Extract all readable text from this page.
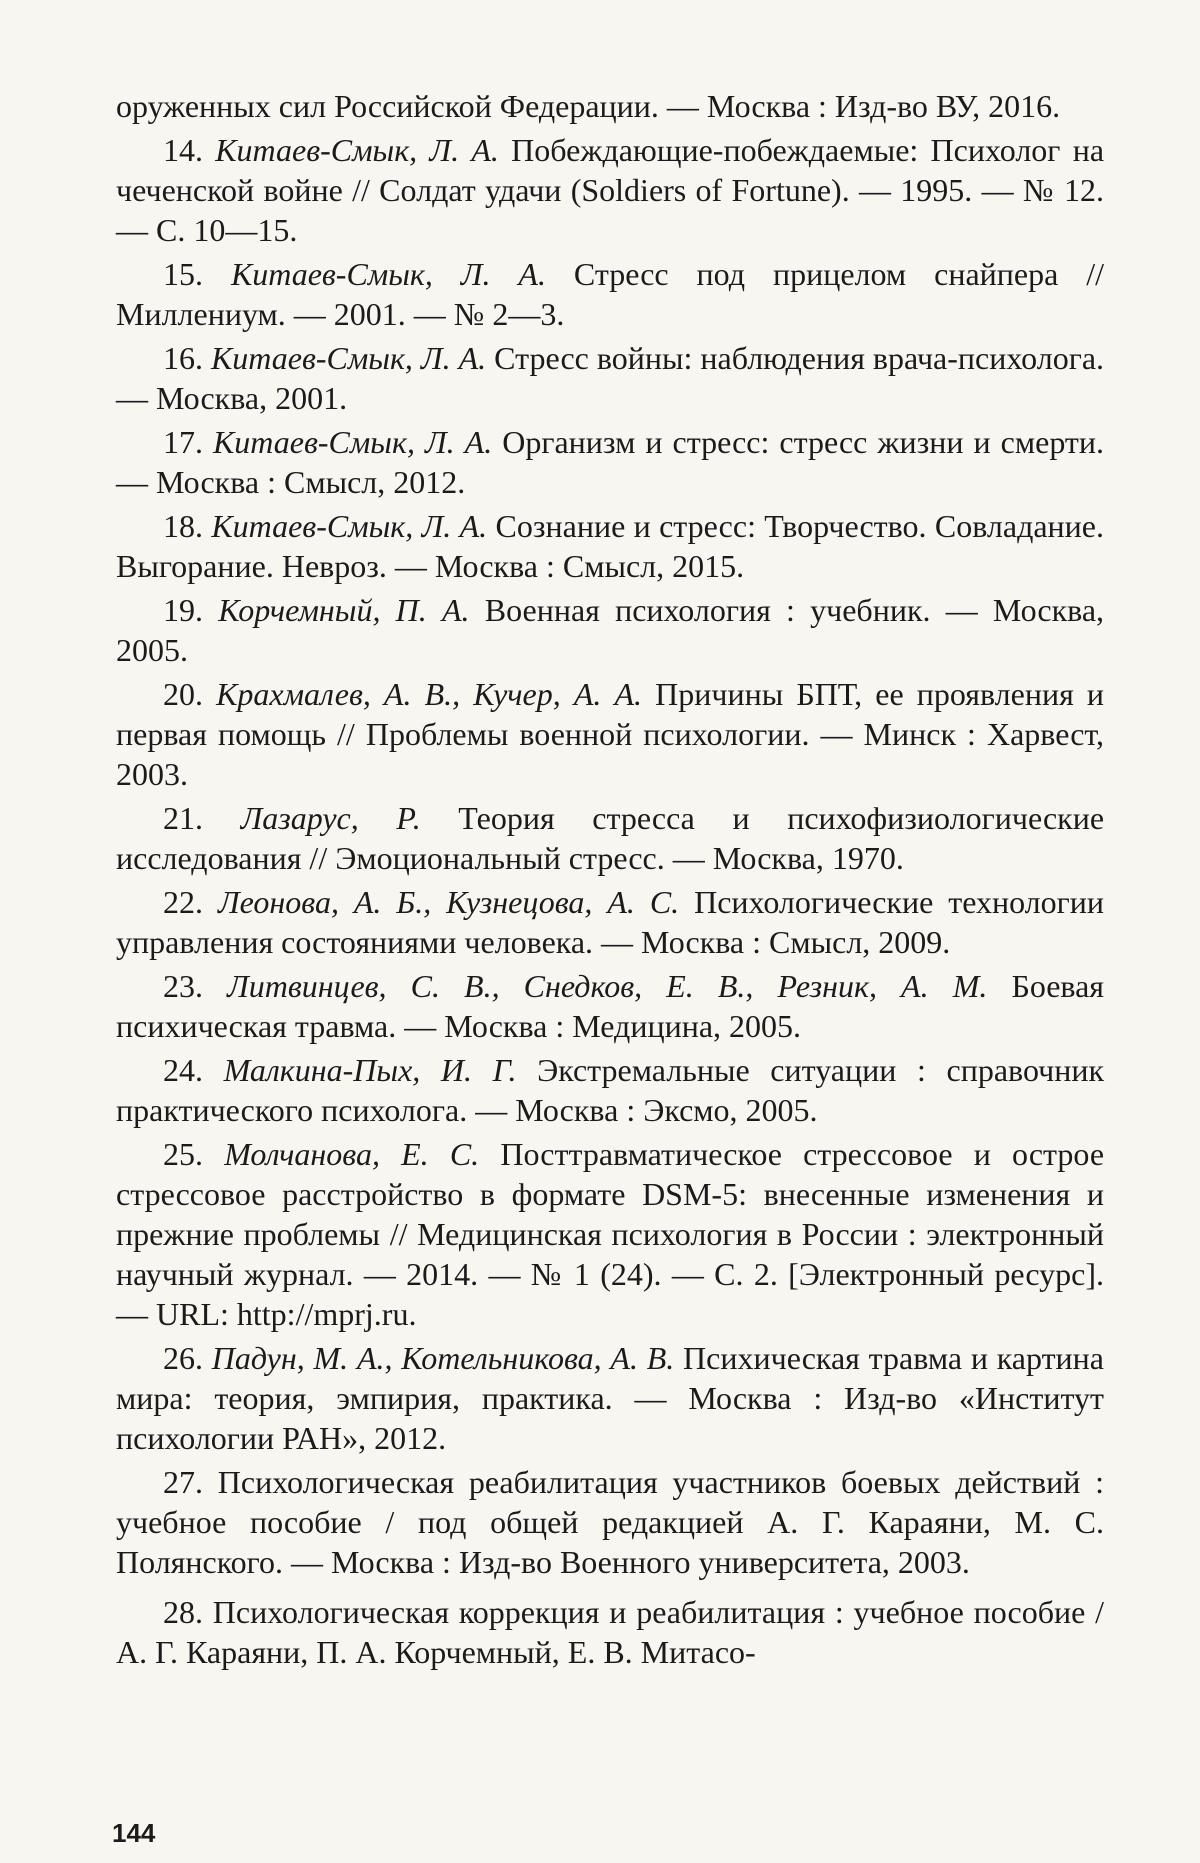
оруженных сил Российской Федерации. — Москва : Изд-во ВУ, 2016.

14. Китаев-Смык, Л. А. Побеждающие-побеждаемые: Психолог на чеченской войне // Солдат удачи (Soldiers of Fortune). — 1995. — № 12. — С. 10—15.

15. Китаев-Смык, Л. А. Стресс под прицелом снайпера // Миллениум. — 2001. — № 2—3.

16. Китаев-Смык, Л. А. Стресс войны: наблюдения врача-психолога. — Москва, 2001.

17. Китаев-Смык, Л. А. Организм и стресс: стресс жизни и смерти. — Москва : Смысл, 2012.

18. Китаев-Смык, Л. А. Сознание и стресс: Творчество. Совладание. Выгорание. Невроз. — Москва : Смысл, 2015.

19. Корчемный, П. А. Военная психология : учебник. — Москва, 2005.

20. Крахмалев, А. В., Кучер, А. А. Причины БПТ, ее проявления и первая помощь // Проблемы военной психологии. — Минск : Харвест, 2003.

21. Лазарус, Р. Теория стресса и психофизиологические исследования // Эмоциональный стресс. — Москва, 1970.

22. Леонова, А. Б., Кузнецова, А. С. Психологические технологии управления состояниями человека. — Москва : Смысл, 2009.

23. Литвинцев, С. В., Снедков, Е. В., Резник, А. М. Боевая психическая травма. — Москва : Медицина, 2005.

24. Малкина-Пых, И. Г. Экстремальные ситуации : справочник практического психолога. — Москва : Эксмо, 2005.

25. Молчанова, Е. С. Посттравматическое стрессовое и острое стрессовое расстройство в формате DSM-5: внесенные изменения и прежние проблемы // Медицинская психология в России : электронный научный журнал. — 2014. — № 1 (24). — С. 2. [Электронный ресурс]. — URL: http://mprj.ru.

26. Падун, М. А., Котельникова, А. В. Психическая травма и картина мира: теория, эмпирия, практика. — Москва : Изд-во «Институт психологии РАН», 2012.

27. Психологическая реабилитация участников боевых действий : учебное пособие / под общей редакцией А. Г. Караяни, М. С. Полянского. — Москва : Изд-во Военного университета, 2003.

28. Психологическая коррекция и реабилитация : учебное пособие / А. Г. Караяни, П. А. Корчемный, Е. В. Митасо-

144
